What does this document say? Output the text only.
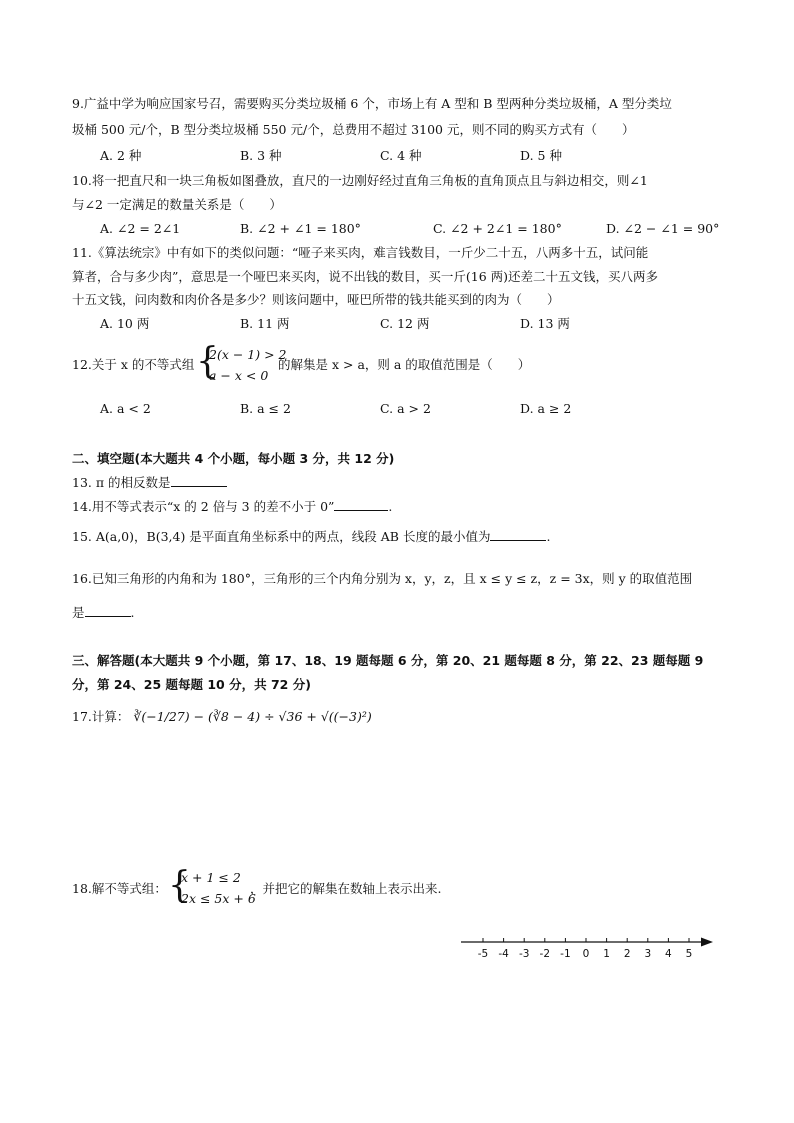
9.广益中学为响应国家号召，需要购买分类垃圾桶 6 个，市场上有 A 型和 B 型两种分类垃圾桶，A 型分类垃
圾桶 500 元/个，B 型分类垃圾桶 550 元/个，总费用不超过 3100 元，则不同的购买方式有（　　）
A. 2 种	B. 3 种	C. 4 种	D. 5 种
10.将一把直尺和一块三角板如图叠放，直尺的一边刚好经过直角三角板的直角顶点且与斜边相交，则∠1
与∠2 一定满足的数量关系是（　　）
A. ∠2 = 2∠1	B. ∠2 + ∠1 = 180°	C. ∠2 + 2∠1 = 180°	D. ∠2 − ∠1 = 90°
11.《算法统宗》中有如下的类似问题：“哑子来买肉，难言钱数目，一斤少二十五，八两多十五，试问能
算者，合与多少肉”，意思是一个哑巴来买肉，说不出钱的数目，买一斤(16 两)还差二十五文钱，买八两多
十五文钱，问肉数和肉价各是多少？则该问题中，哑巴所带的钱共能买到的肉为（　　）
A. 10 两	B. 11 两	C. 12 两	D. 13 两
12.关于 x 的不等式组 {
2(x − 1) > 2
a − x < 0
的解集是 x > a，则 a 的取值范围是（　　）
A. a < 2	B. a ≤ 2	C. a > 2	D. a ≥ 2
二、填空题(本大题共 4 个小题，每小题 3 分，共 12 分)
13. π 的相反数是
14.用不等式表示“x 的 2 倍与 3 的差不小于 0”	.
15. A(a,0)，B(3,4) 是平面直角坐标系中的两点，线段 AB 长度的最小值为	.
16.已知三角形的内角和为 180°，三角形的三个内角分别为 x，y，z，且 x ≤ y ≤ z，z = 3x，则 y 的取值范围
是	.
三、解答题(本大题共 9 个小题，第 17、18、19 题每题 6 分，第 20、21 题每题 8 分，第 22、23 题每题 9
分，第 24、25 题每题 10 分，共 72 分)
17.计算： ∛(−1/27) − (∛8 − 4) ÷ √36 + √((−3)²)
18.解不等式组： {
x + 1 ≤ 2
2x ≤ 5x + 6
，并把它的解集在数轴上表示出来.
-5 -4 -3 -2 -1 0 1 2 3 4 5
